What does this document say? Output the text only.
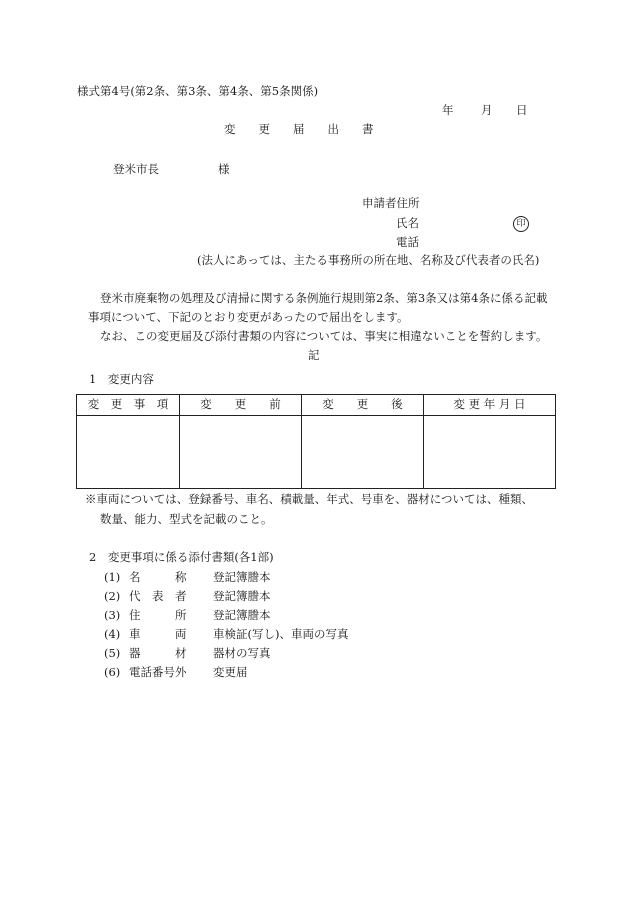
様式第4号(第2条、第3条、第4条、第5条関係)
年 月 日
変　　更　　届　　出　　書
登米市長	様
申請者住所
氏名	印
電話
(法人にあっては、主たる事務所の所在地、名称及び代表者の氏名)
登米市廃棄物の処理及び清掃に関する条例施行規則第2条、第3条又は第4条に係る記載
事項について、下記のとおり変更があったので届出をします。
なお、この変更届及び添付書類の内容については、事実に相違ないことを誓約します。
記
1　変更内容
変　更　事　項	変　　更　　前	変　　更　　後	変 更 年 月 日

※車両については、登録番号、車名、積載量、年式、号車を、器材については、種類、
数量、能力、型式を記載のこと。
2　変更事項に係る添付書類(各1部)
(1) 名　　　称 登記簿謄本
(2) 代　表　者 登記簿謄本
(3) 住　　　所 登記簿謄本
(4) 車　　　両 車検証(写し)、車両の写真
(5) 器　　　材 器材の写真
(6) 電話番号外 変更届
